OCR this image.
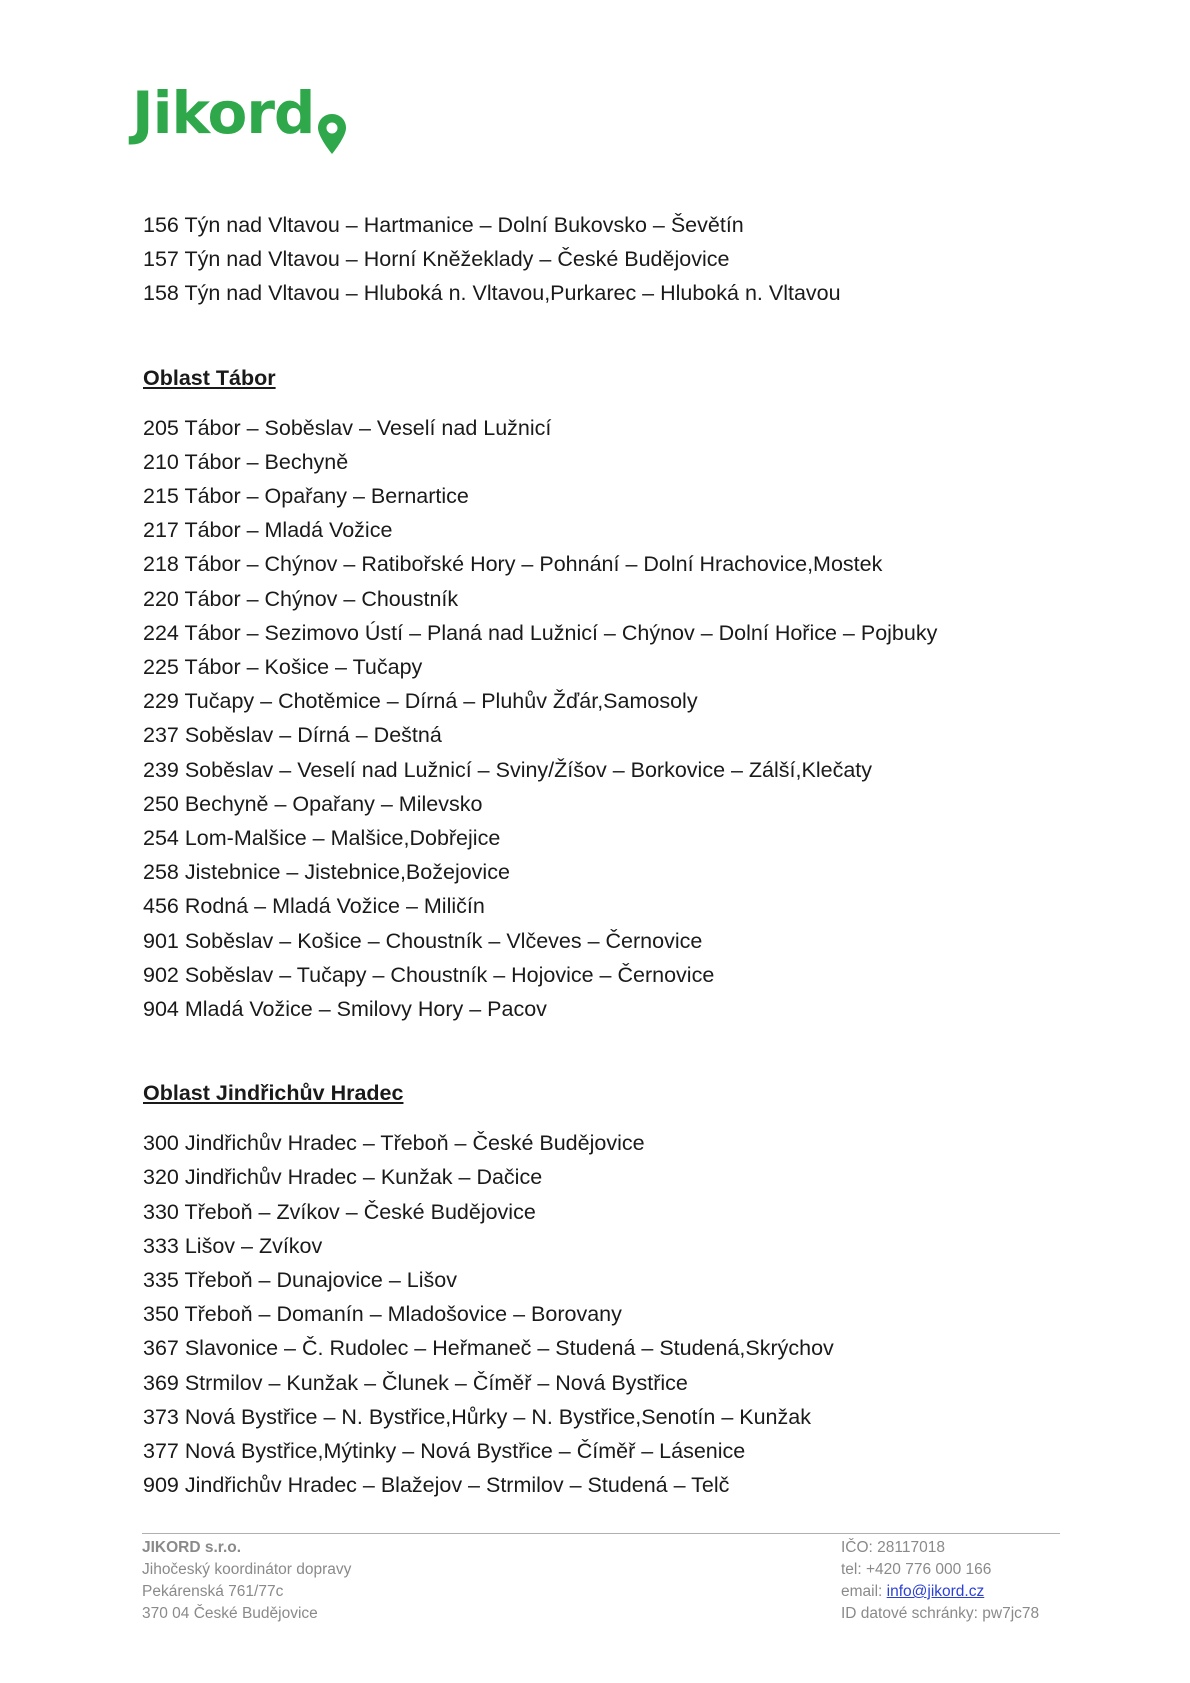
Jikord
156 Týn nad Vltavou – Hartmanice – Dolní Bukovsko – Ševětín
157 Týn nad Vltavou – Horní Kněžeklady – České Budějovice
158 Týn nad Vltavou – Hluboká n. Vltavou,Purkarec – Hluboká n. Vltavou
Oblast Tábor
205 Tábor – Soběslav – Veselí nad Lužnicí
210 Tábor – Bechyně
215 Tábor – Opařany – Bernartice
217 Tábor – Mladá Vožice
218 Tábor – Chýnov – Ratibořské Hory – Pohnání – Dolní Hrachovice,Mostek
220 Tábor – Chýnov – Choustník
224 Tábor – Sezimovo Ústí – Planá nad Lužnicí – Chýnov – Dolní Hořice – Pojbuky
225 Tábor – Košice – Tučapy
229 Tučapy – Chotěmice – Dírná – Pluhův Žďár,Samosoly
237 Soběslav – Dírná – Deštná
239 Soběslav – Veselí nad Lužnicí – Sviny/Žíšov – Borkovice – Zálší,Klečaty
250 Bechyně – Opařany – Milevsko
254 Lom-Malšice – Malšice,Dobřejice
258 Jistebnice – Jistebnice,Božejovice
456 Rodná – Mladá Vožice – Miličín
901 Soběslav – Košice – Choustník – Vlčeves – Černovice
902 Soběslav – Tučapy – Choustník – Hojovice – Černovice
904 Mladá Vožice – Smilovy Hory – Pacov
Oblast Jindřichův Hradec
300 Jindřichův Hradec – Třeboň – České Budějovice
320 Jindřichův Hradec – Kunžak – Dačice
330 Třeboň – Zvíkov – České Budějovice
333 Lišov – Zvíkov
335 Třeboň – Dunajovice – Lišov
350 Třeboň – Domanín – Mladošovice – Borovany
367 Slavonice – Č. Rudolec – Heřmaneč – Studená – Studená,Skrýchov
369 Strmilov – Kunžak – Člunek – Číměř – Nová Bystřice
373 Nová Bystřice – N. Bystřice,Hůrky – N. Bystřice,Senotín – Kunžak
377 Nová Bystřice,Mýtinky – Nová Bystřice – Číměř – Lásenice
909 Jindřichův Hradec – Blažejov – Strmilov – Studená – Telč
JIKORD s.r.o.
Jihočeský koordinátor dopravy
Pekárenská 761/77c
370 04 České Budějovice
IČO: 28117018
tel: +420 776 000 166
email: info@jikord.cz
ID datové schránky: pw7jc78
